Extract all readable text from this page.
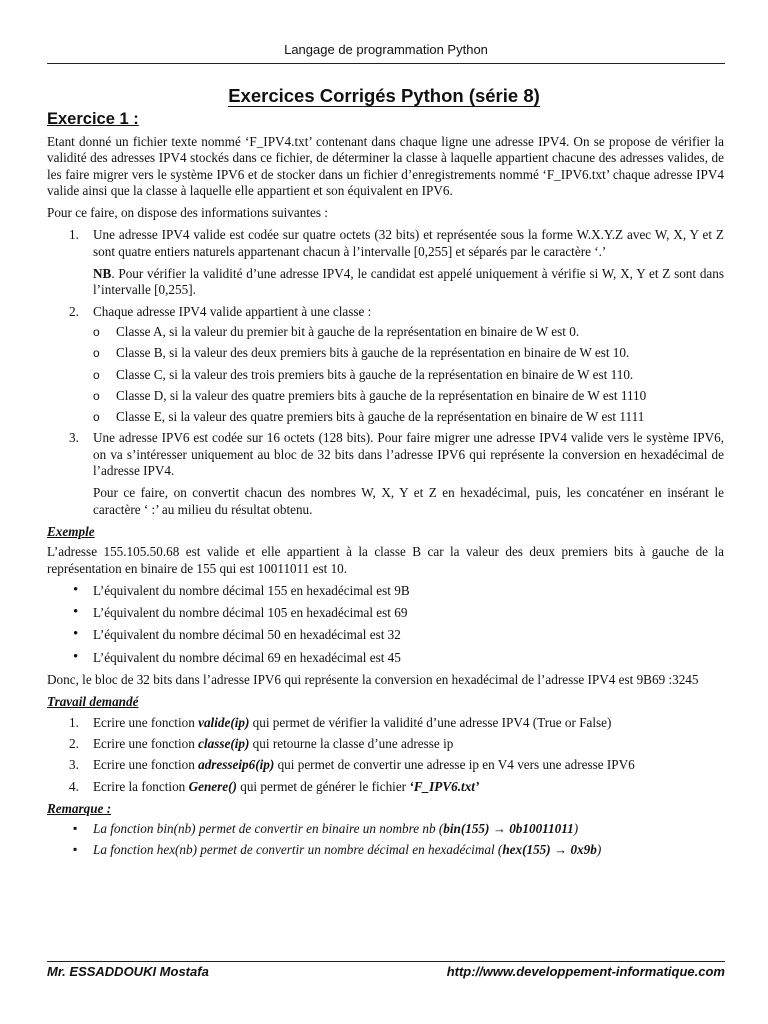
Langage de programmation Python
Exercices Corrigés Python (série 8)
Exercice 1 :

Etant donné un fichier texte nommé ‘F_IPV4.txt’ contenant dans chaque ligne une adresse IPV4. On se propose de vérifier la validité des adresses IPV4 stockés dans ce fichier, de déterminer la classe à laquelle appartient chacune des adresses valides, de les faire migrer vers le système IPV6 et de stocker dans un fichier d’enregistrements nommé ‘F_IPV6.txt’ chaque adresse IPV4 valide ainsi que la classe à laquelle elle appartient et son équivalent en IPV6.

Pour ce faire, on dispose des informations suivantes :

1. Une adresse IPV4 valide est codée sur quatre octets (32 bits) et représentée sous la forme W.X.Y.Z avec W, X, Y et Z sont quatre entiers naturels appartenant chacun à l’intervalle [0,255] et séparés par le caractère ‘.’

NB. Pour vérifier la validité d’une adresse IPV4, le candidat est appelé uniquement à vérifie si W, X, Y et Z sont dans l’intervalle [0,255].

2. Chaque adresse IPV4 valide appartient à une classe :
o Classe A, si la valeur du premier bit à gauche de la représentation en binaire de W est 0.
o Classe B, si la valeur des deux premiers bits à gauche de la représentation en binaire de W est 10.
o Classe C, si la valeur des trois premiers bits à gauche de la représentation en binaire de W est 110.
o Classe D, si la valeur des quatre premiers bits à gauche de la représentation en binaire de W est 1110
o Classe E, si la valeur des quatre premiers bits à gauche de la représentation en binaire de W est 1111
3. Une adresse IPV6 est codée sur 16 octets (128 bits). Pour faire migrer une adresse IPV4 valide vers le système IPV6, on va s’intéresser uniquement au bloc de 32 bits dans l’adresse IPV6 qui représente la conversion en hexadécimal de l’adresse IPV4.

Pour ce faire, on convertit chacun des nombres W, X, Y et Z en hexadécimal, puis, les concaténer en insérant le caractère ‘ :’ au milieu du résultat obtenu.

Exemple

L’adresse 155.105.50.68 est valide et elle appartient à la classe B car la valeur des deux premiers bits à gauche de la représentation en binaire de 155 qui est 10011011 est 10.

• L’équivalent du nombre décimal 155 en hexadécimal est 9B
• L’équivalent du nombre décimal 105 en hexadécimal est 69
• L’équivalent du nombre décimal 50 en hexadécimal est 32
• L’équivalent du nombre décimal 69 en hexadécimal est 45

Donc, le bloc de 32 bits dans l’adresse IPV6 qui représente la conversion en hexadécimal de l’adresse IPV4 est 9B69 :3245

Travail demandé
1. Ecrire une fonction valide(ip) qui permet de vérifier la validité d’une adresse IPV4 (True or False)
2. Ecrire une fonction classe(ip) qui retourne la classe d’une adresse ip
3. Ecrire une fonction adresseip6(ip) qui permet de convertir une adresse ip en V4 vers une adresse IPV6
4. Ecrire la fonction Genere() qui permet de générer le fichier ‘F_IPV6.txt’
Remarque :
▪ La fonction bin(nb) permet de convertir en binaire un nombre nb (bin(155) → 0b10011011)
▪ La fonction hex(nb) permet de convertir un nombre décimal en hexadécimal (hex(155) → 0x9b)
Mr. ESSADDOUKI Mostafa	http://www.developpement-informatique.com
